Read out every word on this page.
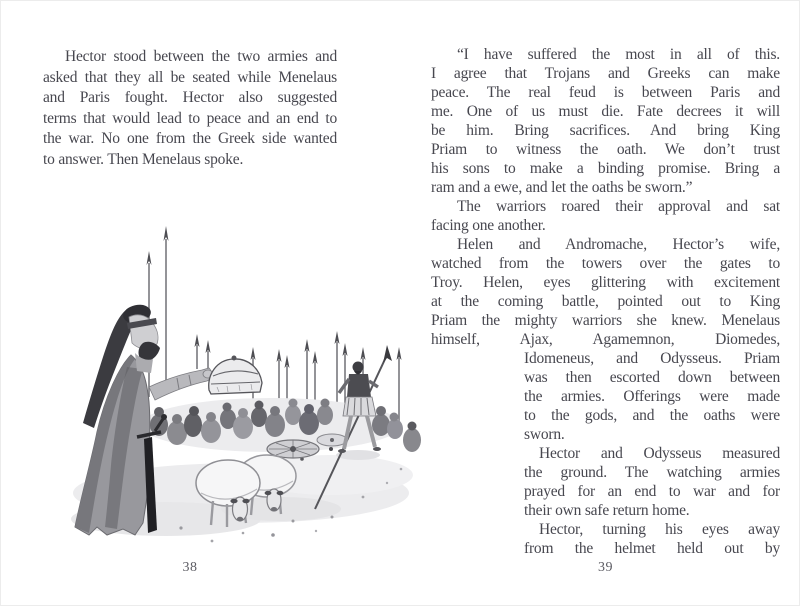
Hector stood between the two armies and
asked that they all be seated while Menelaus
and Paris fought. Hector also suggested
terms that would lead to peace and an end to
the war. No one from the Greek side wanted
to answer. Then Menelaus spoke.
38
“I have suffered the most in all of this.
I agree that Trojans and Greeks can make
peace. The real feud is between Paris and
me. One of us must die. Fate decrees it will
be him. Bring sacrifices. And bring King
Priam to witness the oath. We don’t trust
his sons to make a binding promise. Bring a
ram and a ewe, and let the oaths be sworn.”
The warriors roared their approval and sat
facing one another.
Helen and Andromache, Hector’s wife,
watched from the towers over the gates to
Troy. Helen, eyes glittering with excitement
at the coming battle, pointed out to King
Priam the mighty warriors she knew. Menelaus
himself, Ajax, Agamemnon, Diomedes,
Idomeneus, and Odysseus. Priam
was then escorted down between
the armies. Offerings were made
to the gods, and the oaths were
sworn.
Hector and Odysseus measured
the ground. The watching armies
prayed for an end to war and for
their own safe return home.
Hector, turning his eyes away
from the helmet held out by
39
